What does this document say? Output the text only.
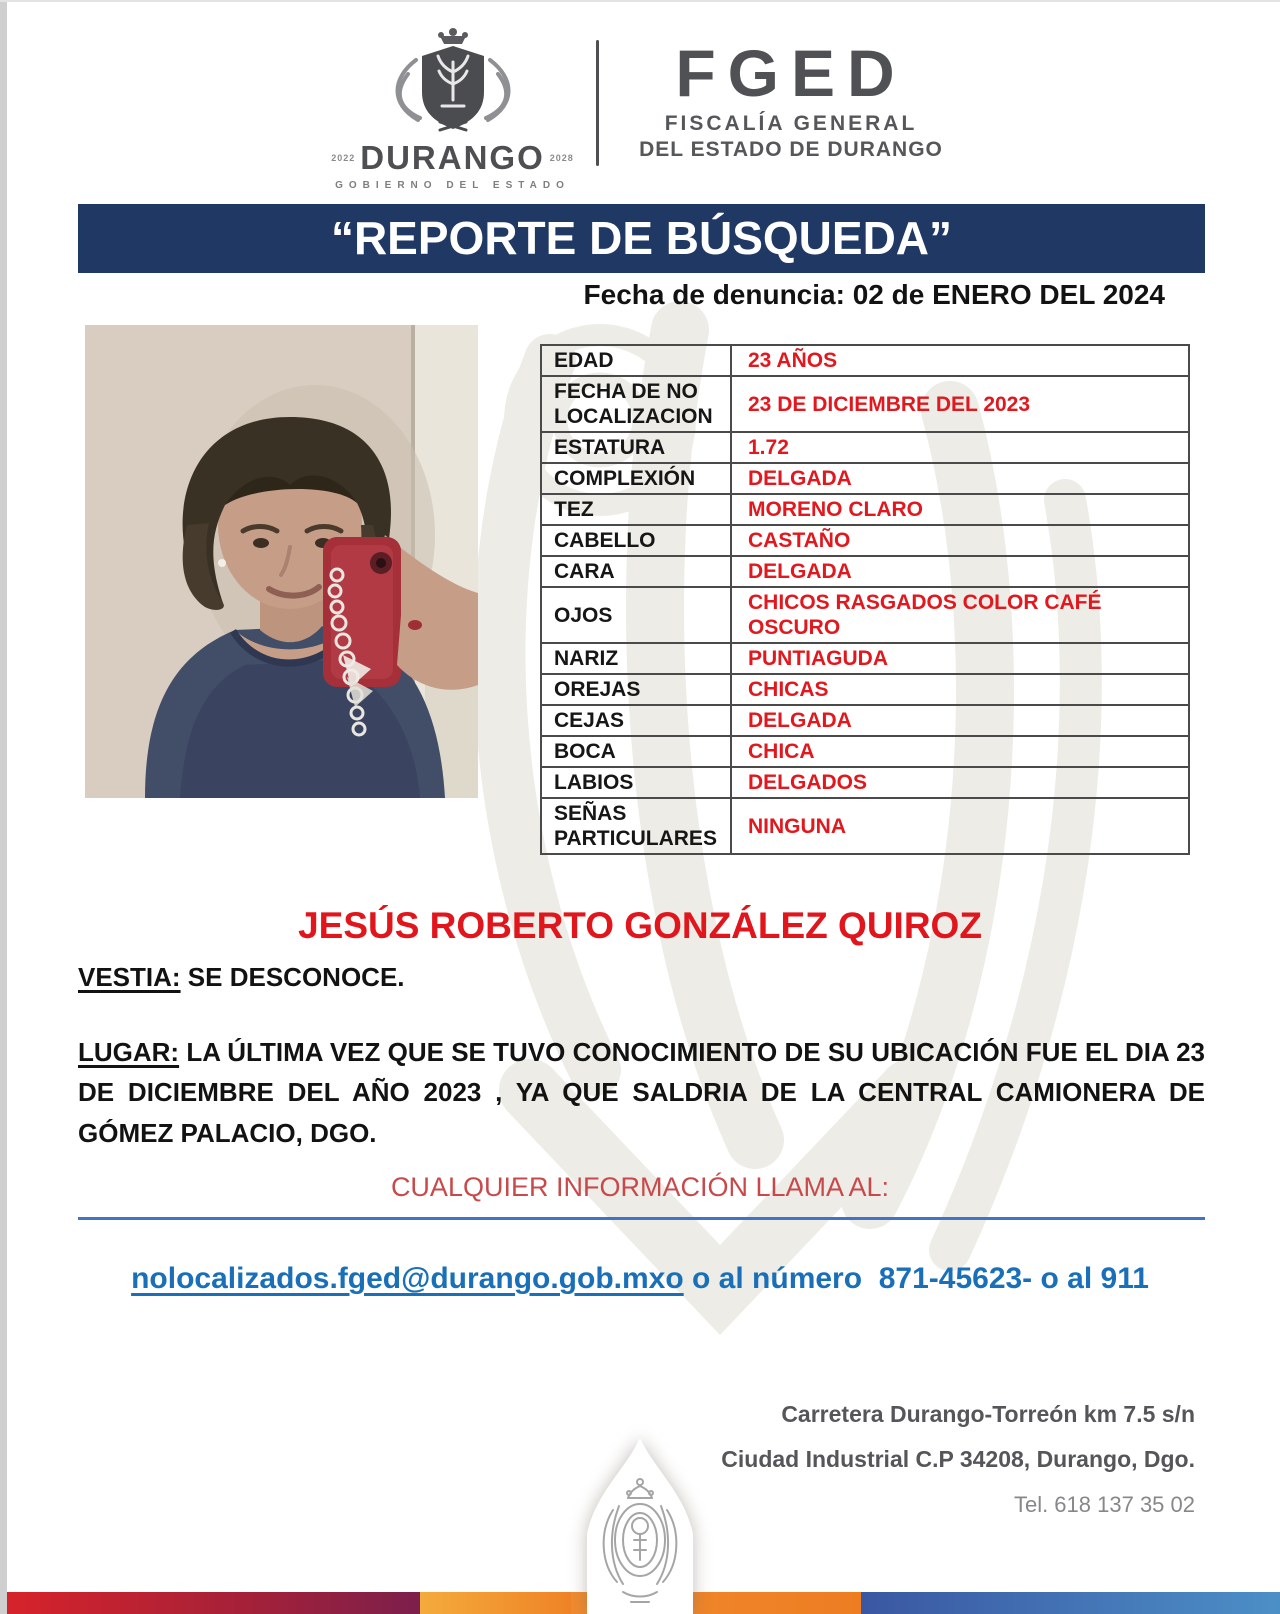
2022 DURANGO 2028
GOBIERNO DEL ESTADO
FGED
FISCALÍA GENERAL
DEL ESTADO DE DURANGO
“REPORTE DE BÚSQUEDA”
Fecha de denuncia: 02 de ENERO DEL 2024
EDAD	23 AÑOS
FECHA DE NO LOCALIZACION	23 DE DICIEMBRE DEL 2023
ESTATURA	1.72
COMPLEXIÓN	DELGADA
TEZ	MORENO CLARO
CABELLO	CASTAÑO
CARA	DELGADA
OJOS	CHICOS RASGADOS COLOR CAFÉ OSCURO
NARIZ	PUNTIAGUDA
OREJAS	CHICAS
CEJAS	DELGADA
BOCA	CHICA
LABIOS	DELGADOS
SEÑAS PARTICULARES	NINGUNA
JESÚS ROBERTO GONZÁLEZ QUIROZ
VESTIA: SE DESCONOCE.
LUGAR: LA ÚLTIMA VEZ QUE SE TUVO CONOCIMIENTO DE SU UBICACIÓN FUE EL DIA 23 DE DICIEMBRE DEL AÑO 2023 , YA QUE SALDRIA DE LA CENTRAL CAMIONERA DE GÓMEZ PALACIO, DGO.
CUALQUIER INFORMACIÓN LLAMA AL:
nolocalizados.fged@durango.gob.mxo o al número  871-45623- o al 911
Carretera Durango-Torreón km 7.5 s/n
Ciudad Industrial C.P 34208, Durango, Dgo.
Tel. 618 137 35 02
